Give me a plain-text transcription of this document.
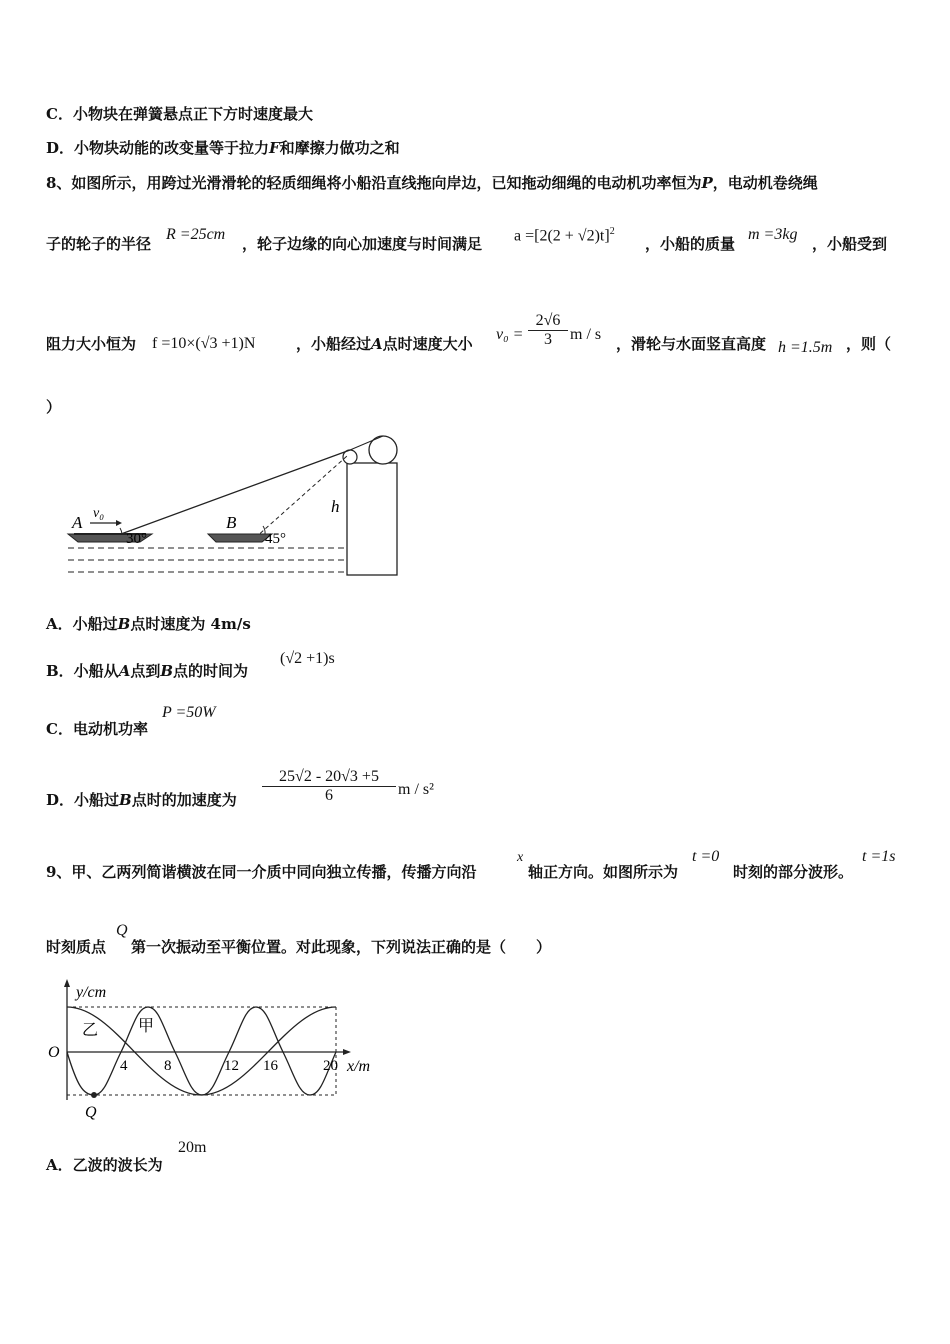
C．小物块在弹簧悬点正下方时速度最大
D．小物块动能的改变量等于拉力F和摩擦力做功之和
8、如图所示，用跨过光滑滑轮的轻质细绳将小船沿直线拖向岸边，已知拖动细绳的电动机功率恒为P，电动机卷绕绳
子的轮子的半径
R =25cm
，轮子边缘的向心加速度与时间满足 $a =[2(2 + √2)t]^2$
，小船的质量
m =3kg
，小船受到
阻力大小恒为 f =10×(√3 +1)N	，小船经过A点时速度大小
$v_0 = \frac{2√6}{3}$ m / s
，滑轮与水面竖直高度 h =1.5m ，则（
）
A v₀
30°
B
45°
h
A．小船过B点时速度为 4m/s
B．小船从A点到B点的时间为
(√2 +1)s
C．电动机功率
P =50W
D．小船过B点时的加速度为 $\frac{25√2 - 20√3 +5}{6}$ m / s²
9、甲、乙两列简谐横波在同一介质中同向独立传播，传播方向沿
x
轴正方向。如图所示为
t =0
时刻的部分波形。
t =1s
时刻质点
Q
第一次振动至平衡位置。对此现象，下列说法正确的是（　　）
y/cm
x/m
O
4 8	12 16	20
乙 甲
Q
A．乙波的波长为
20m
